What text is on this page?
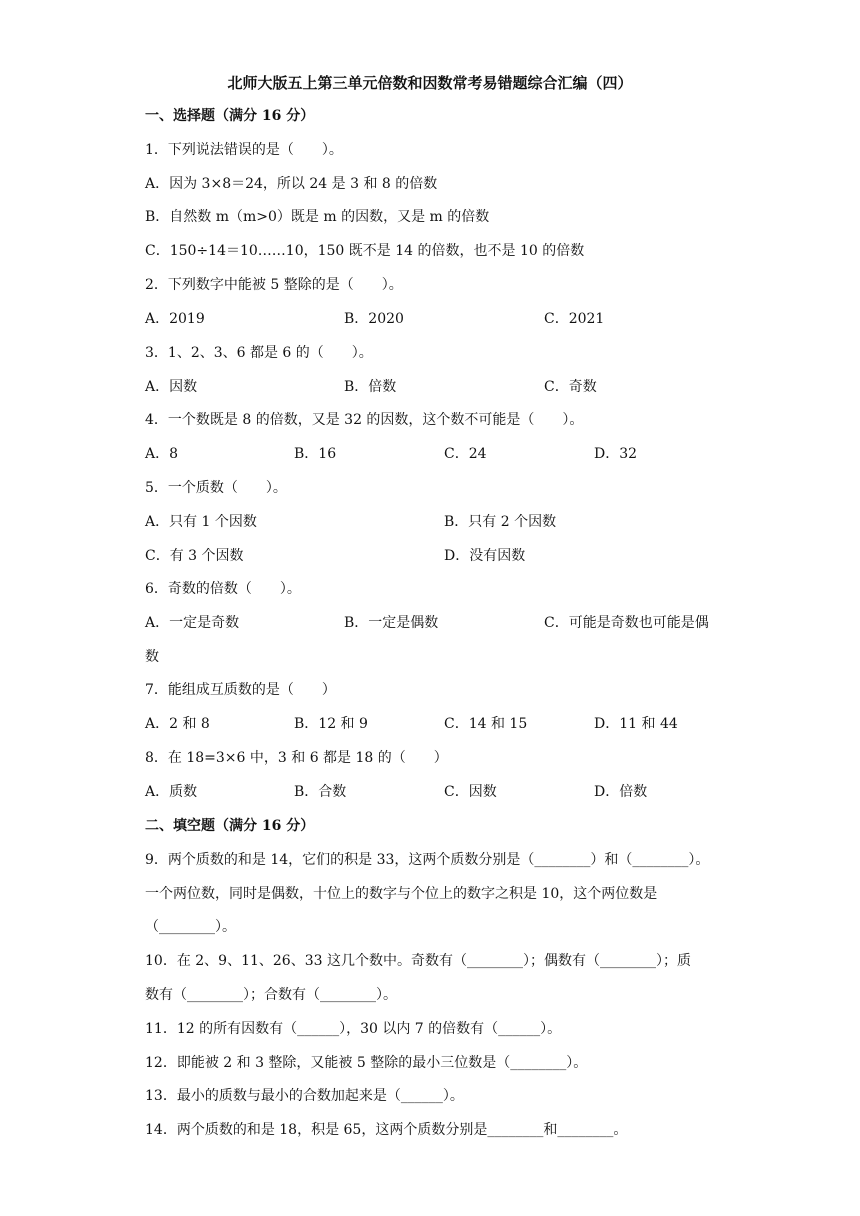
北师大版五上第三单元倍数和因数常考易错题综合汇编（四）
一、选择题（满分 16 分）
1．下列说法错误的是（　　）。
A．因为 3×8＝24，所以 24 是 3 和 8 的倍数
B．自然数 m（m>0）既是 m 的因数，又是 m 的倍数
C．150÷14＝10……10，150 既不是 14 的倍数，也不是 10 的倍数
2．下列数字中能被 5 整除的是（　　）。
A．2019	B．2020	C．2021
3．1、2、3、6 都是 6 的（　　）。
A．因数	B．倍数	C．奇数
4．一个数既是 8 的倍数，又是 32 的因数，这个数不可能是（　　）。
A．8	B．16	C．24	D．32
5．一个质数（　　）。
A．只有 1 个因数	B．只有 2 个因数
C．有 3 个因数	D．没有因数
6．奇数的倍数（　　）。
A．一定是奇数	B．一定是偶数	C．可能是奇数也可能是偶
数
7．能组成互质数的是（　　）
A．2 和 8	B．12 和 9	C．14 和 15	D．11 和 44
8．在 18=3×6 中，3 和 6 都是 18 的（　　）
A．质数	B．合数	C．因数	D．倍数
二、填空题（满分 16 分）
9．两个质数的和是 14，它们的积是 33，这两个质数分别是（________）和（________）。
一个两位数，同时是偶数，十位上的数字与个位上的数字之积是 10，这个两位数是
（________）。
10．在 2、9、11、26、33 这几个数中。奇数有（________）；偶数有（________）；质
数有（________）；合数有（________）。
11．12 的所有因数有（______），30 以内 7 的倍数有（______）。
12．即能被 2 和 3 整除，又能被 5 整除的最小三位数是（________）。
13．最小的质数与最小的合数加起来是（______）。
14．两个质数的和是 18，积是 65，这两个质数分别是________和________。
